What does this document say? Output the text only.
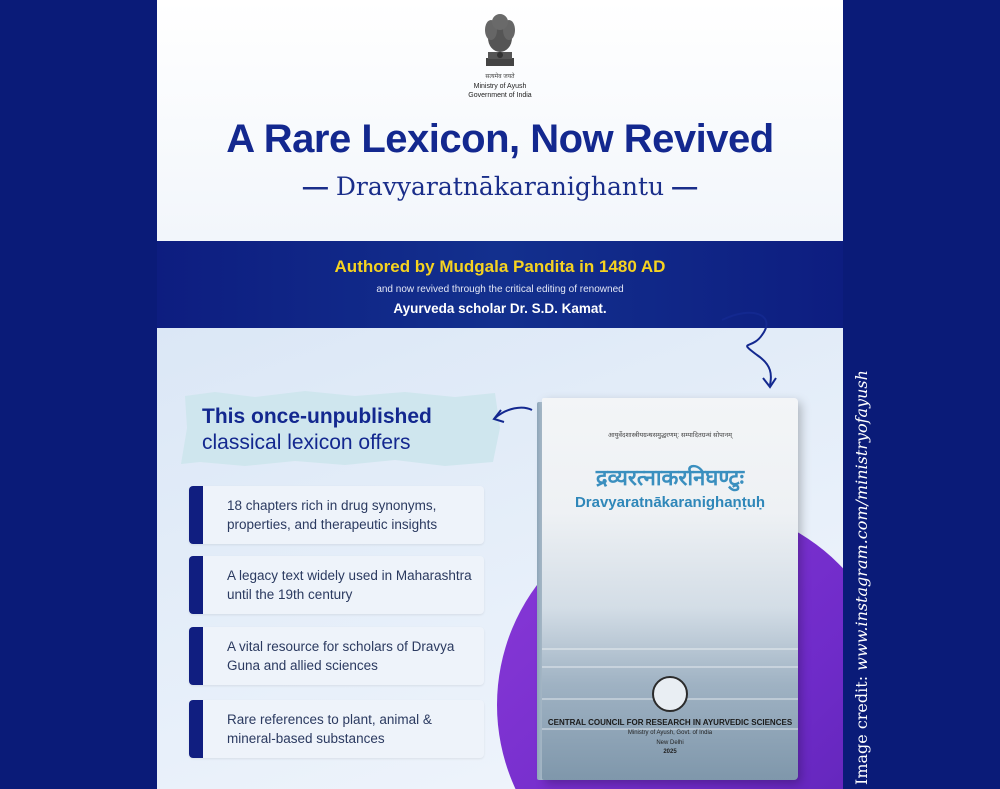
सत्यमेव जयते
Ministry of Ayush
Government of India
A Rare Lexicon, Now Revived
— Dravyaratnākaranighantu —
Authored by Mudgala Pandita in 1480 AD
and now revived through the critical editing of renowned
Ayurveda scholar Dr. S.D. Kamat.
This once-unpublished
classical lexicon offers
18 chapters rich in drug synonyms, properties, and therapeutic insights
A legacy text widely used in Maharashtra until the 19th century
A vital resource for scholars of Dravya Guna and allied sciences
Rare references to plant, animal & mineral-based substances
आयुर्वेदशास्त्रीयग्रन्थसमुद्धरणम्: सम्पादितग्रन्थं सोपानम्
द्रव्यरत्नाकरनिघण्टुः
Dravyaratnākaranighaṇṭuḥ
CENTRAL COUNCIL FOR RESEARCH IN AYURVEDIC SCIENCES
Ministry of Ayush, Govt. of India
New Delhi
2025	Image credit: www.instagram.com/ministryofayush
